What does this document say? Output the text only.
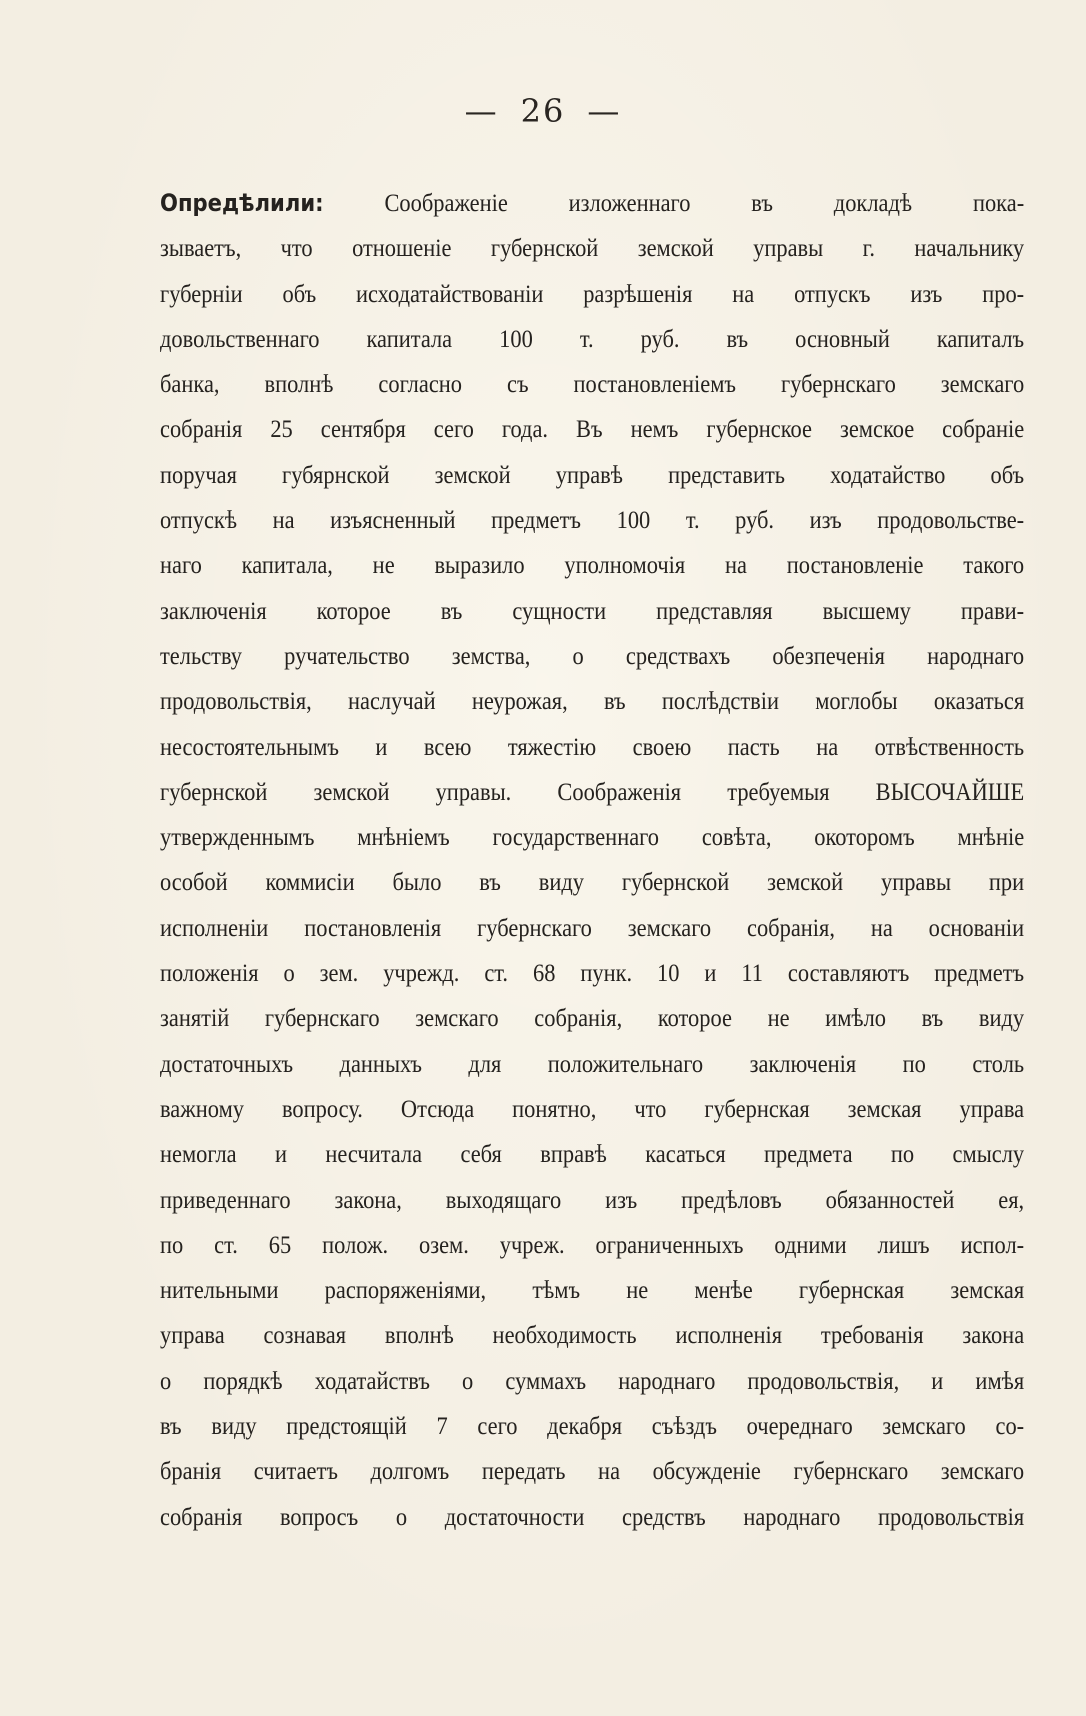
— 26 —
Опредѣлили: Соображеніе изложеннаго въ докладѣ пока-
зываетъ, что отношеніе губернской земской управы г. начальнику
губерніи объ исходатайствованіи разрѣшенія на отпускъ изъ про-
довольственнаго капитала 100 т. руб. въ основный капиталъ
банка, вполнѣ согласно съ постановленіемъ губернскаго земскаго
собранія 25 сентября сего года. Въ немъ губернское земское собраніе
поручая губярнской земской управѣ представить ходатайство объ
отпускѣ на изъясненный предметъ 100 т. руб. изъ продовольстве-
наго капитала, не выразило уполномочія на постановленіе такого
заключенія которое въ сущности представляя высшему прави-
тельству ручательство земства, о средствахъ обезпеченія народнаго
продовольствія, наслучай неурожая, въ послѣдствіи моглобы оказаться
несостоятельнымъ и всею тяжестію своею пасть на отвѣственность
губернской земской управы. Соображенія требуемыя ВЫСОЧАЙШЕ
утвержденнымъ мнѣніемъ государственнаго совѣта, окоторомъ мнѣніе
особой коммисіи было въ виду губернской земской управы при
исполненіи постановленія губернскаго земскаго собранія, на основаніи
положенія о зем. учрежд. ст. 68 пунк. 10 и 11 составляютъ предметъ
занятій губернскаго земскаго собранія, которое не имѣло въ виду
достаточныхъ данныхъ для положительнаго заключенія по столь
важному вопросу. Отсюда понятно, что губернская земская управа
немогла и несчитала себя вправѣ касаться предмета по смыслу
приведеннаго закона, выходящаго изъ предѣловъ обязанностей ея,
по ст. 65 полож. озем. учреж. ограниченныхъ одними лишъ испол-
нительными распоряженіями, тѣмъ не менѣе губернская земская
управа сознавая вполнѣ необходимость исполненія требованія закона
о порядкѣ ходатайствъ о суммахъ народнаго продовольствія, и имѣя
въ виду предстоящій 7 сего декабря съѣздъ очереднаго земскаго со-
бранія считаетъ долгомъ передать на обсужденіе губернскаго земскаго
собранія вопросъ о достаточности средствъ народнаго продовольствія
